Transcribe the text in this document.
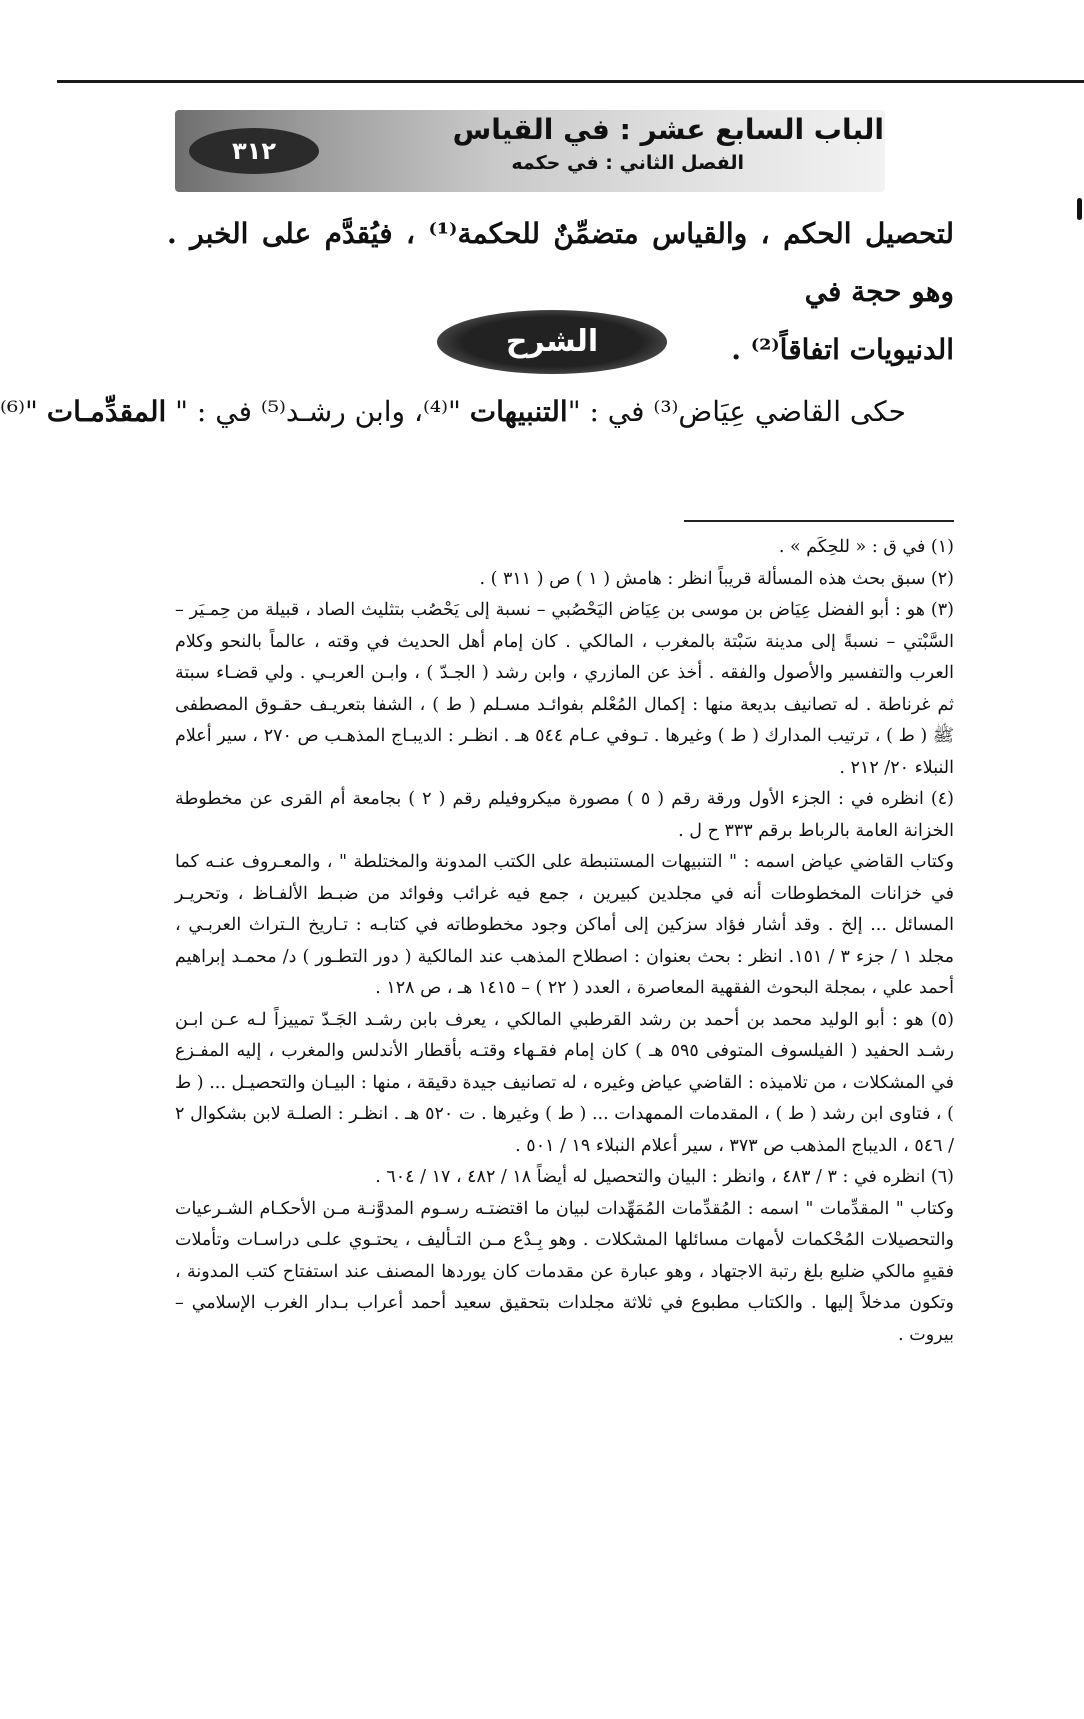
٣١٢
الباب السابع عشر : في القياس
الفصل الثاني : في حكمه

لتحصيل الحكم ، والقياس متضمِّنٌ للحكمة⁽¹⁾ ، فيُقدَّم على الخبر . وهو حجة في

الدنيويات اتفاقاً⁽²⁾ .

الشرح
حكى القاضي عِيَاض⁽³⁾ في : "التنبيهات "⁽⁴⁾، وابن رشـد⁽⁵⁾ في : " المقدِّمـات "⁽⁶⁾

(١) في ق : « للحِكَم » .

(٢) سبق بحث هذه المسألة قريباً انظر : هامش ( ١ ) ص ( ٣١١ ) .

(٣) هو : أبو الفضل عِيَاض بن موسى بن عِيَاض اليَحْصُبي – نسبة إلى يَحْصُب بتثليث الصاد ، قبيلة من حِمـيَر – السَّبْتي – نسبةً إلى مدينة سَبْتة بالمغرب ، المالكي . كان إمام أهل الحديث في وقته ، عالماً بالنحو وكلام العرب والتفسير والأصول والفقه . أخذ عن المازري ، وابن رشد ( الجـدّ ) ، وابـن العربـي . ولي قضـاء سبتة ثم غرناطة . له تصانيف بديعة منها : إكمال المُعْلم بفوائـد مسـلم ( ط ) ، الشفا بتعريـف حقـوق المصطفى ﷺ ( ط ) ، ترتيب المدارك ( ط ) وغيرها . تـوفي عـام ٥٤٤ هـ . انظـر : الديبـاج المذهـب ص ٢٧٠ ، سير أعلام النبلاء ٢٠/ ٢١٢ .

(٤) انظره في : الجزء الأول ورقة رقم ( ٥ ) مصورة ميكروفيلم رقم ( ٢ ) بجامعة أم القرى عن مخطوطة الخزانة العامة بالرباط برقم ٣٣٣ ح ل .

وكتاب القاضي عياض اسمه : " التنبيهات المستنبطة على الكتب المدونة والمختلطة " ، والمعـروف عنـه كما في خزانات المخطوطات أنه في مجلدين كبيرين ، جمع فيه غرائب وفوائد من ضبـط الألفـاظ ، وتحريـر المسائل ... إلخ . وقد أشار فؤاد سزكين إلى أماكن وجود مخطوطاته في كتابـه : تـاريخ الـتراث العربـي ، مجلد ١ / جزء ٣ / ١٥١. انظر : بحث بعنوان : اصطلاح المذهب عند المالكية ( دور التطـور ) د/ محمـد إبراهيم أحمد علي ، بمجلة البحوث الفقهية المعاصرة ، العدد ( ٢٢ ) – ١٤١٥ هـ ، ص ١٢٨ .

(٥) هو : أبو الوليد محمد بن أحمد بن رشد القرطبي المالكي ، يعرف بابن رشـد الجَـدّ تمييزاً لـه عـن ابـن رشـد الحفيد ( الفيلسوف المتوفى ٥٩٥ هـ ) كان إمام فقـهاء وقتـه بأقطار الأندلس والمغرب ، إليه المفـزع في المشكلات ، من تلاميذه : القاضي عياض وغيره ، له تصانيف جيدة دقيقة ، منها : البيـان والتحصيـل ... ( ط ) ، فتاوى ابن رشد ( ط ) ، المقدمات الممهدات ... ( ط ) وغيرها . ت ٥٢٠ هـ . انظـر : الصلـة لابن بشكوال ٢ / ٥٤٦ ، الديباج المذهب ص ٣٧٣ ، سير أعلام النبلاء ١٩ / ٥٠١ .

(٦) انظره في : ٣ / ٤٨٣ ، وانظر : البيان والتحصيل له أيضاً ١٨ / ٤٨٢ ، ١٧ / ٦٠٤ .

وكتاب " المقدِّمات " اسمه : المُقدِّمات المُمَهِّدات لبيان ما اقتضتـه رسـوم المدوَّنـة مـن الأحكـام الشـرعيات والتحصيلات المُحْكمات لأمهات مسائلها المشكلات . وهو بِـدْع مـن التـأليف ، يحتـوي علـى دراسـات وتأملات فقيهٍ مالكي ضليع بلغ رتبة الاجتهاد ، وهو عبارة عن مقدمات كان يوردها المصنف عند استفتاح كتب المدونة ، وتكون مدخلاً إليها . والكتاب مطبوع في ثلاثة مجلدات بتحقيق سعيد أحمد أعراب بـدار الغرب الإسلامي – بيروت .
